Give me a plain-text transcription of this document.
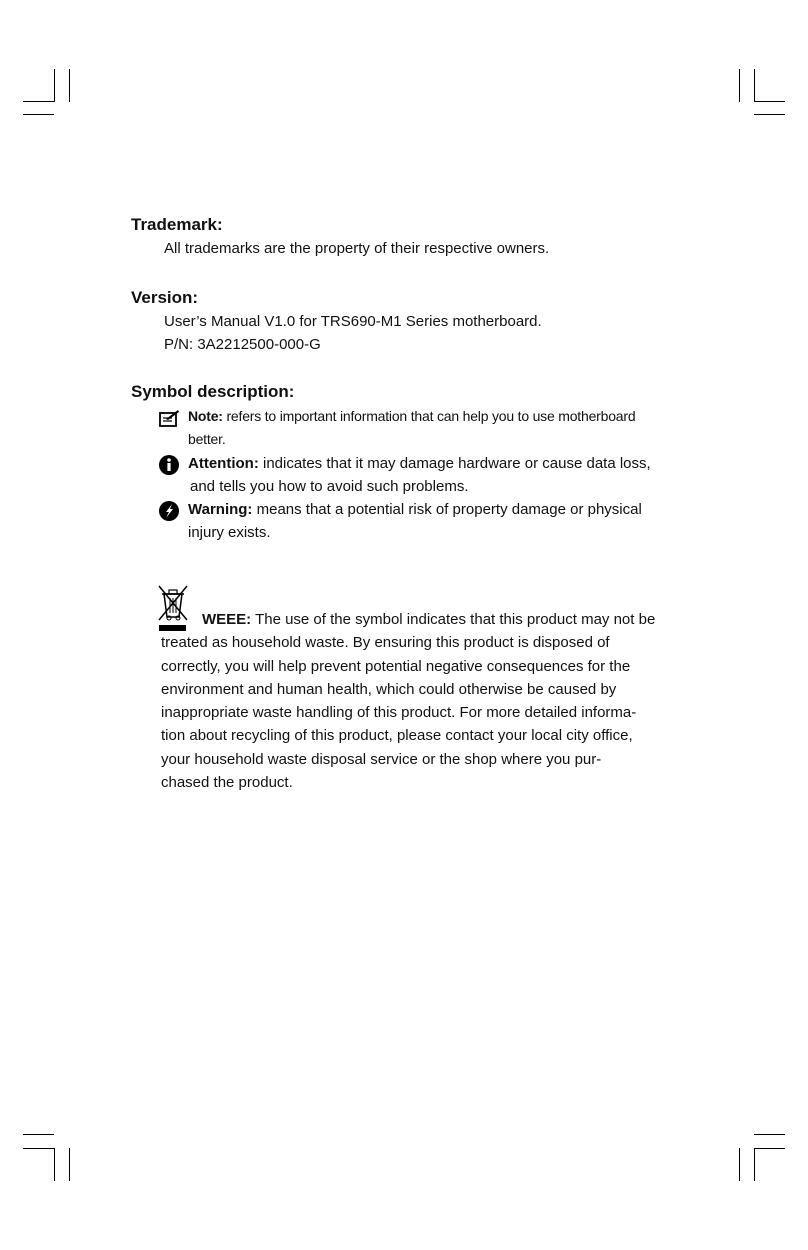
Trademark:

All trademarks are the property of their respective owners.

Version:

User’s Manual V1.0 for TRS690-M1 Series motherboard.

P/N: 3A2212500-000-G

Symbol description:
Note: refers to important information that can help you to use motherboard
better.
Attention: indicates that it may damage hardware or cause data loss,
and tells you how to avoid such problems.
Warning: means that a potential risk of property damage or physical
injury exists.
WEEE: The use of the symbol indicates that this product may not be
treated as household waste. By ensuring this product is disposed of
correctly, you will help prevent potential negative consequences for the
environment and human health, which could otherwise be caused by
inappropriate waste handling of this product. For more detailed informa-
tion about recycling of this product, please contact your local city office,
your household waste disposal service or the shop where you pur-
chased the product.
